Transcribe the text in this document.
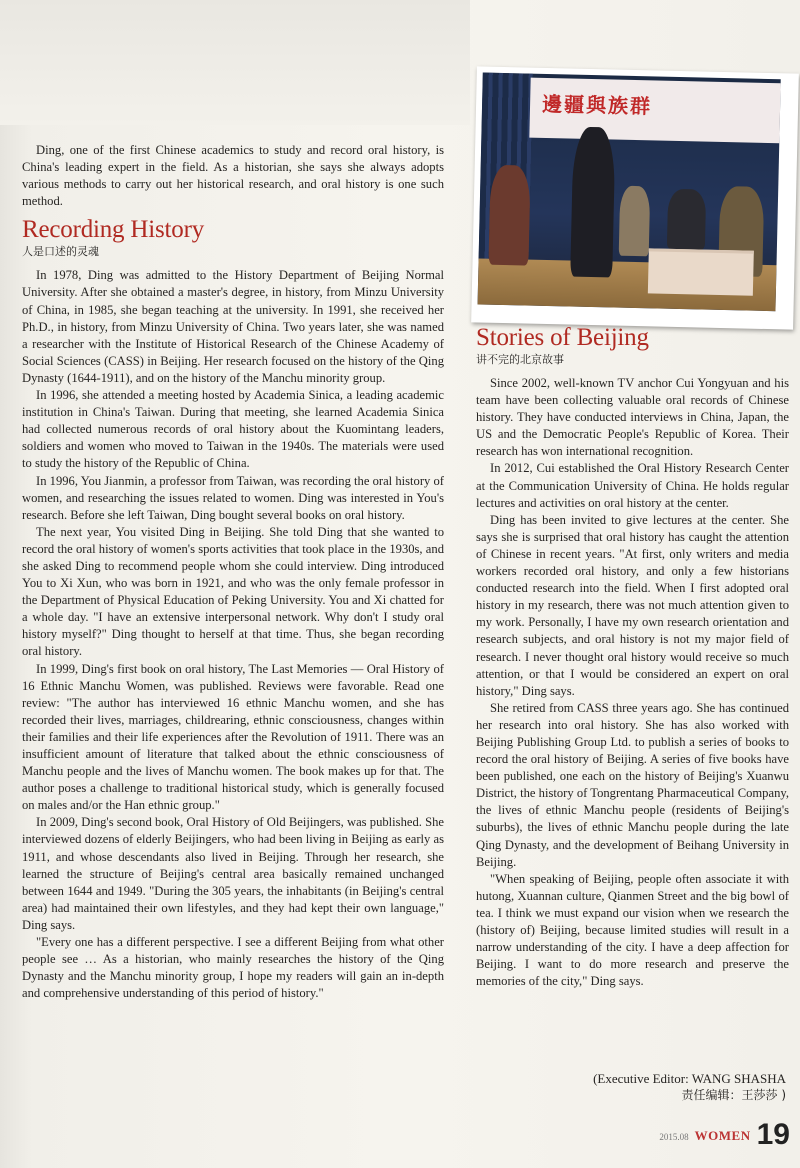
Ding, one of the first Chinese academics to study and record oral history, is China's leading expert in the field. As a historian, she says she always adopts various methods to carry out her historical research, and oral history is one such method.

Recording History
人是口述的灵魂

In 1978, Ding was admitted to the History Department of Beijing Normal University. After she obtained a master's degree, in history, from Minzu University of China, in 1985, she began teaching at the university. In 1991, she received her Ph.D., in history, from Minzu University of China. Two years later, she was named a researcher with the Institute of Historical Research of the Chinese Academy of Social Sciences (CASS) in Beijing. Her research focused on the history of the Qing Dynasty (1644-1911), and on the history of the Manchu minority group.

In 1996, she attended a meeting hosted by Academia Sinica, a leading academic institution in China's Taiwan. During that meeting, she learned Academia Sinica had collected numerous records of oral history about the Kuomintang leaders, soldiers and women who moved to Taiwan in the 1940s. The materials were used to study the history of the Republic of China.

In 1996, You Jianmin, a professor from Taiwan, was recording the oral history of women, and researching the issues related to women. Ding was interested in You's research. Before she left Taiwan, Ding bought several books on oral history.

The next year, You visited Ding in Beijing. She told Ding that she wanted to record the oral history of women's sports activities that took place in the 1930s, and she asked Ding to recommend people whom she could interview. Ding introduced You to Xi Xun, who was born in 1921, and who was the only female professor in the Department of Physical Education of Peking University. You and Xi chatted for a whole day. "I have an extensive interpersonal network. Why don't I study oral history myself?" Ding thought to herself at that time. Thus, she began recording oral history.

In 1999, Ding's first book on oral history, The Last Memories — Oral History of 16 Ethnic Manchu Women, was published. Reviews were favorable. Read one review: "The author has interviewed 16 ethnic Manchu women, and she has recorded their lives, marriages, childrearing, ethnic consciousness, changes within their families and their life experiences after the Revolution of 1911. There was an insufficient amount of literature that talked about the ethnic consciousness of Manchu people and the lives of Manchu women. The book makes up for that. The author poses a challenge to traditional historical study, which is generally focused on males and/or the Han ethnic group."

In 2009, Ding's second book, Oral History of Old Beijingers, was published. She interviewed dozens of elderly Beijingers, who had been living in Beijing as early as 1911, and whose descendants also lived in Beijing. Through her research, she learned the structure of Beijing's central area basically remained unchanged between 1644 and 1949. "During the 305 years, the inhabitants (in Beijing's central area) had maintained their own lifestyles, and they had kept their own language," Ding says.

"Every one has a different perspective. I see a different Beijing from what other people see … As a historian, who mainly researches the history of the Qing Dynasty and the Manchu minority group, I hope my readers will gain an in-depth and comprehensive understanding of this period of history."

邊疆與族群
Stories of Beijing
讲不完的北京故事

Since 2002, well-known TV anchor Cui Yongyuan and his team have been collecting valuable oral records of Chinese history. They have conducted interviews in China, Japan, the US and the Democratic People's Republic of Korea. Their research has won international recognition.

In 2012, Cui established the Oral History Research Center at the Communication University of China. He holds regular lectures and activities on oral history at the center.

Ding has been invited to give lectures at the center. She says she is surprised that oral history has caught the attention of Chinese in recent years. "At first, only writers and media workers recorded oral history, and only a few historians conducted research into the field. When I first adopted oral history in my research, there was not much attention given to my work. Personally, I have my own research orientation and research subjects, and oral history is not my major field of research. I never thought oral history would receive so much attention, or that I would be considered an expert on oral history," Ding says.

She retired from CASS three years ago. She has continued her research into oral history. She has also worked with Beijing Publishing Group Ltd. to publish a series of books to record the oral history of Beijing. A series of five books have been published, one each on the history of Beijing's Xuanwu District, the history of Tongrentang Pharmaceutical Company, the lives of ethnic Manchu people (residents of Beijing's suburbs), the lives of ethnic Manchu people during the late Qing Dynasty, and the development of Beihang University in Beijing.

"When speaking of Beijing, people often associate it with hutong, Xuannan culture, Qianmen Street and the big bowl of tea. I think we must expand our vision when we research the (history of) Beijing, because limited studies will result in a narrow understanding of the city. I have a deep affection for Beijing. I want to do more research and preserve the memories of the city," Ding says.

(Executive Editor: WANG SHASHA
责任编辑：王莎莎 )
2015.08 WOMEN 19
